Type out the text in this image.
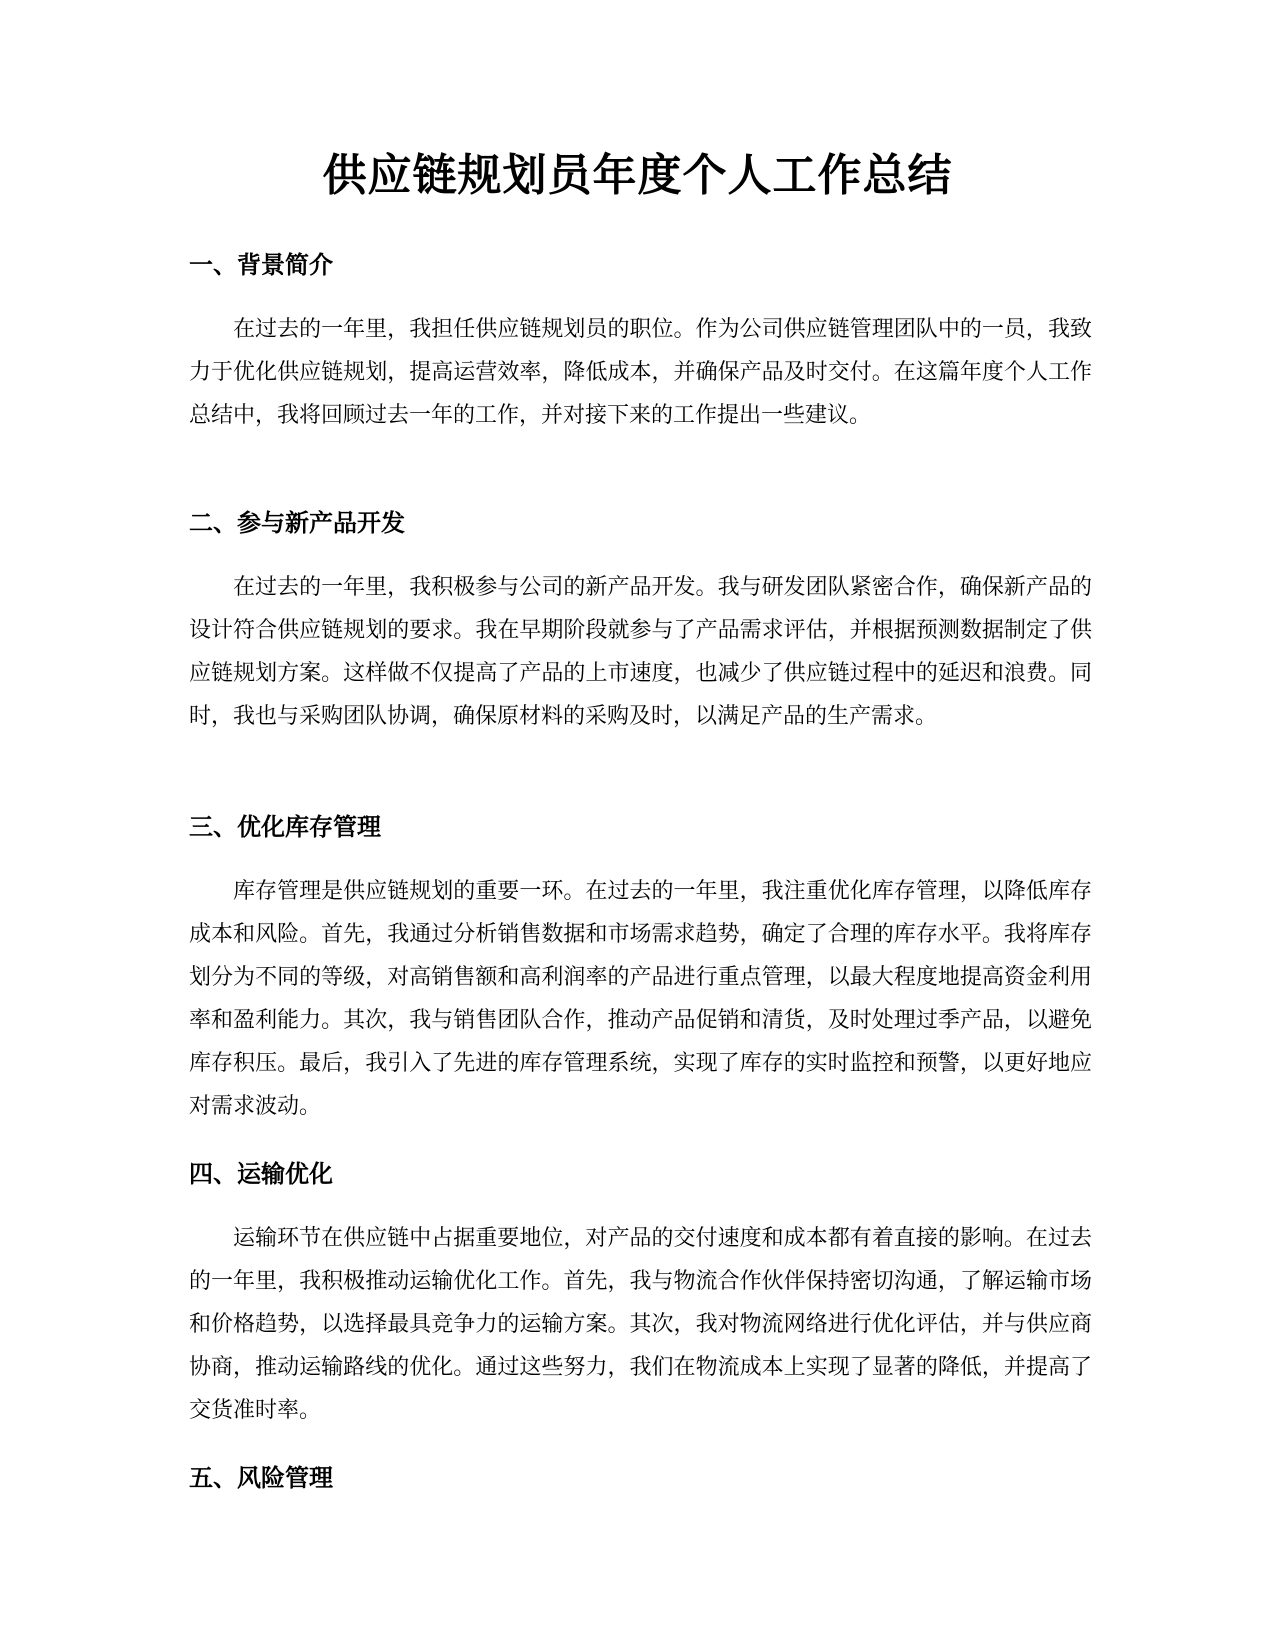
供应链规划员年度个人工作总结
一、背景简介

在过去的一年里，我担任供应链规划员的职位。作为公司供应链管理团队中的一员，我致力于优化供应链规划，提高运营效率，降低成本，并确保产品及时交付。在这篇年度个人工作总结中，我将回顾过去一年的工作，并对接下来的工作提出一些建议。

二、参与新产品开发

在过去的一年里，我积极参与公司的新产品开发。我与研发团队紧密合作，确保新产品的设计符合供应链规划的要求。我在早期阶段就参与了产品需求评估，并根据预测数据制定了供应链规划方案。这样做不仅提高了产品的上市速度，也减少了供应链过程中的延迟和浪费。同时，我也与采购团队协调，确保原材料的采购及时，以满足产品的生产需求。

三、优化库存管理

库存管理是供应链规划的重要一环。在过去的一年里，我注重优化库存管理，以降低库存成本和风险。首先，我通过分析销售数据和市场需求趋势，确定了合理的库存水平。我将库存划分为不同的等级，对高销售额和高利润率的产品进行重点管理，以最大程度地提高资金利用率和盈利能力。其次，我与销售团队合作，推动产品促销和清货，及时处理过季产品，以避免库存积压。最后，我引入了先进的库存管理系统，实现了库存的实时监控和预警，以更好地应对需求波动。

四、运输优化

运输环节在供应链中占据重要地位，对产品的交付速度和成本都有着直接的影响。在过去的一年里，我积极推动运输优化工作。首先，我与物流合作伙伴保持密切沟通，了解运输市场和价格趋势，以选择最具竞争力的运输方案。其次，我对物流网络进行优化评估，并与供应商协商，推动运输路线的优化。通过这些努力，我们在物流成本上实现了显著的降低，并提高了交货准时率。

五、风险管理
